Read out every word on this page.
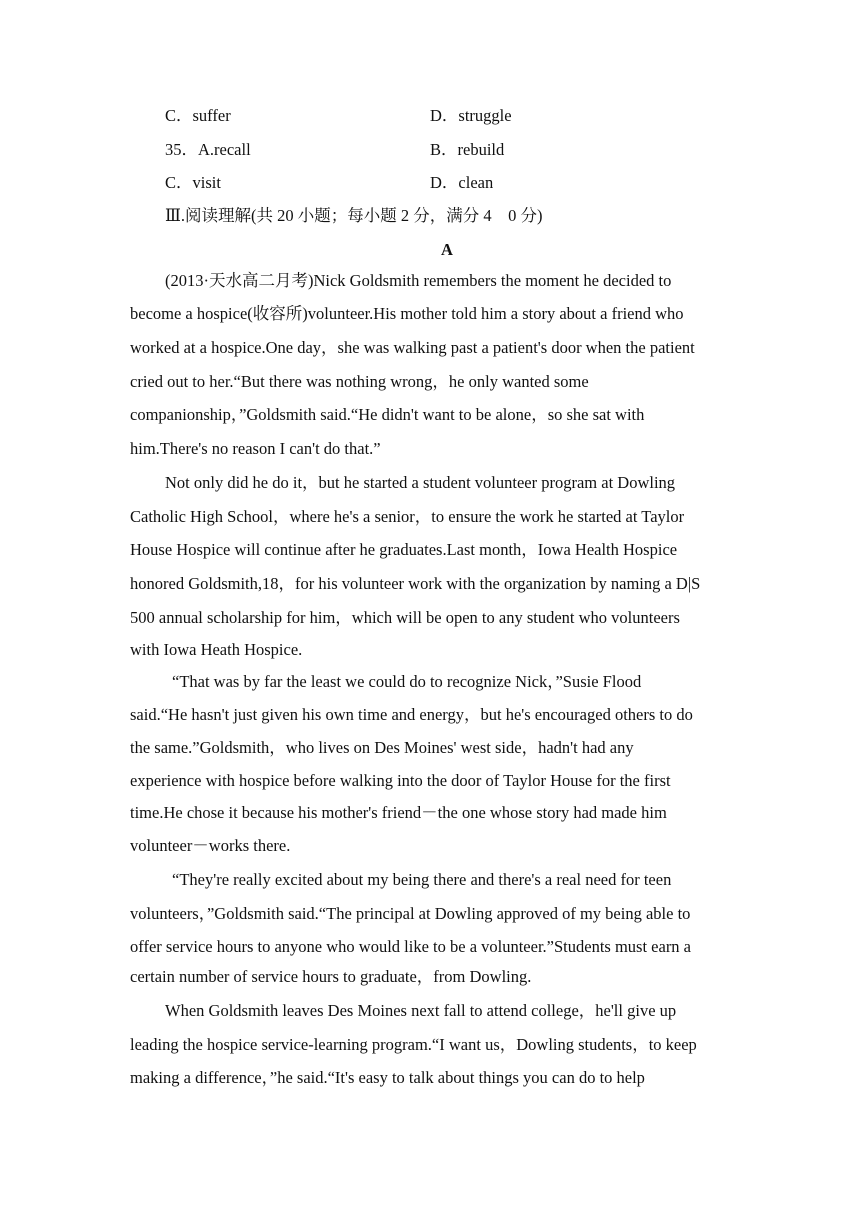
C．suffer	D．struggle
35．A.recall	B．rebuild
C．visit	D．clean
Ⅲ.阅读理解(共 20 小题；每小题 2 分，满分 4　0 分)
A
(2013·天水高二月考)Nick Goldsmith remembers the moment he decided to
become a hospice(收容所)volunteer.His mother told him a story about a friend who
worked at a hospice.One day，she was walking past a patient's door when the patient
cried out to her.“But there was nothing wrong，he only wanted some
companionship，”Goldsmith said.“He didn't want to be alone，so she sat with
him.There's no reason I can't do that.”
Not only did he do it，but he started a student volunteer program at Dowling
Catholic High School，where he's a senior，to ensure the work he started at Taylor
House Hospice will continue after he graduates.Last month，Iowa Health Hospice
honored Goldsmith,18，for his volunteer work with the organization by naming a D|S
500 annual scholarship for him，which will be open to any student who volunteers
with Iowa Heath Hospice.
“That was by far the least we could do to recognize Nick，”Susie Flood
said.“He hasn't just given his own time and energy，but he's encouraged others to do
the same.”Goldsmith，who lives on Des Moines' west side，hadn't had any
experience with hospice before walking into the door of Taylor House for the first
time.He chose it because his mother's friend－the one whose story had made him
volunteer－works there.
“They're really excited about my being there and there's a real need for teen
volunteers，”Goldsmith said.“The principal at Dowling approved of my being able to
offer service hours to anyone who would like to be a volunteer.”Students must earn a
certain number of service hours to graduate，from Dowling.
When Goldsmith leaves Des Moines next fall to attend college，he'll give up
leading the hospice service-learning program.“I want us，Dowling students，to keep
making a difference，”he said.“It's easy to talk about things you can do to help
